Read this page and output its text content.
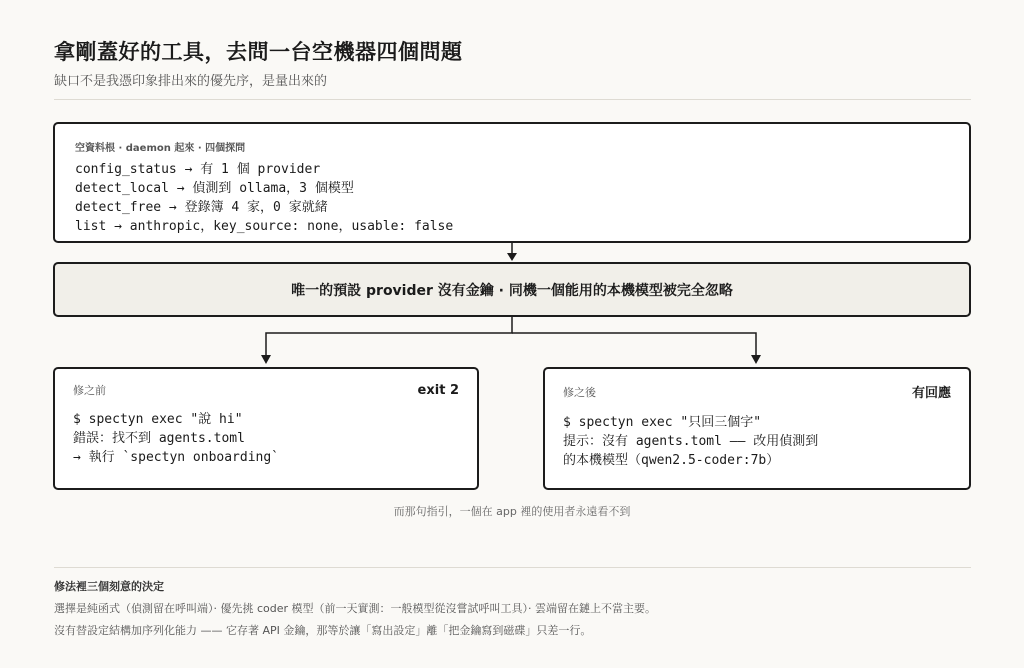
拿剛蓋好的工具，去問一台空機器四個問題
缺口不是我憑印象排出來的優先序，是量出來的
空資料根 · daemon 起來 · 四個探問
config_status → 有 1 個 provider
detect_local → 偵測到 ollama，3 個模型
detect_free → 登錄簿 4 家，0 家就緒
list → anthropic，key_source: none，usable: false
唯一的預設 provider 沒有金鑰 · 同機一個能用的本機模型被完全忽略
修之前	exit 2
$ spectyn exec "說 hi"
錯誤：找不到 agents.toml
→ 執行 `spectyn onboarding`
修之後	有回應
$ spectyn exec "只回三個字"
提示：沒有 agents.toml —— 改用偵測到
的本機模型（qwen2.5-coder:7b）
而那句指引，一個在 app 裡的使用者永遠看不到
修法裡三個刻意的決定
選擇是純函式（偵測留在呼叫端）· 優先挑 coder 模型（前一天實測：一般模型從沒嘗試呼叫工具）· 雲端留在鏈上不當主要。
沒有替設定結構加序列化能力 —— 它存著 API 金鑰，那等於讓「寫出設定」離「把金鑰寫到磁碟」只差一行。
